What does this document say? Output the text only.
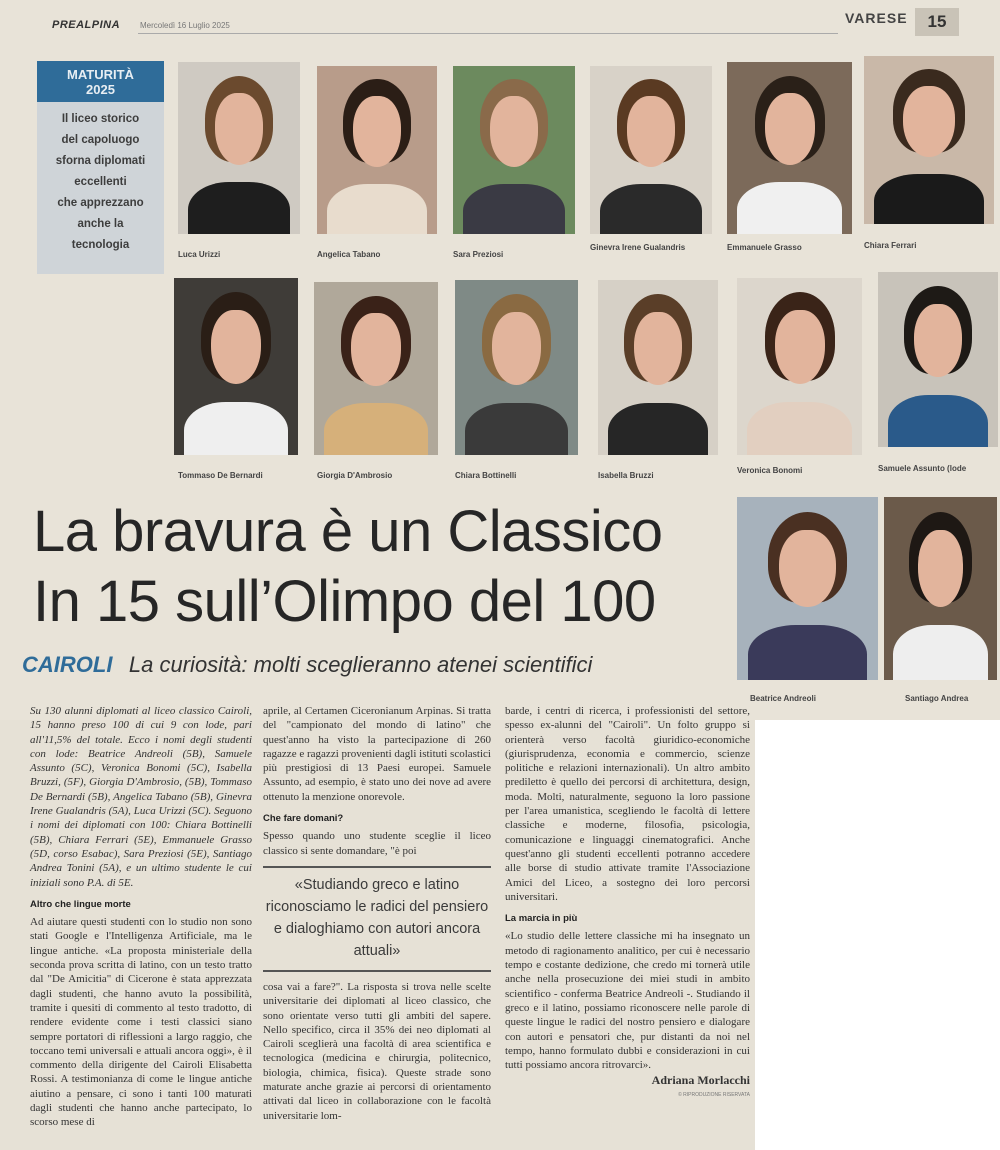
PREALPINA Mercoledì 16 Luglio 2025	VARESE	15
MATURITÀ
2025
Il liceo storico
del capoluogo
sforna diplomati
eccellenti
che apprezzano
anche la
tecnologia
Luca Urizzi	Angelica Tabano	Sara Preziosi
Ginevra Irene Gualandris	Emmanuele Grasso	Chiara Ferrari
Tommaso De Bernardi	Giorgia D'Ambrosio	Chiara Bottinelli	Isabella Bruzzi
Veronica Bonomi	Samuele Assunto (lode
Beatrice Andreoli	Santiago Andrea
La bravura è un Classico
In 15 sull’Olimpo del 100
CAIROLI La curiosità: molti sceglieranno atenei scientifici

Su 130 alunni diplomati al liceo classico Cairoli, 15 hanno preso 100 di cui 9 con lode, pari all'11,5% del totale. Ecco i nomi degli studenti con lode: Beatrice Andreoli (5B), Samuele Assunto (5C), Veronica Bonomi (5C), Isabella Bruzzi, (5F), Giorgia D'Ambrosio, (5B), Tommaso De Bernardi (5B), Angelica Tabano (5B), Ginevra Irene Gualandris (5A), Luca Urizzi (5C). Seguono i nomi dei diplomati con 100: Chiara Bottinelli (5B), Chiara Ferrari (5E), Emmanuele Grasso (5D, corso Esabac), Sara Preziosi (5E), Santiago Andrea Tonini (5A), e un ultimo studente le cui iniziali sono P.A. di 5E.

Altro che lingue morte

Ad aiutare questi studenti con lo studio non sono stati Google e l'Intelligenza Artificiale, ma le lingue antiche. «La proposta ministeriale della seconda prova scritta di latino, con un testo tratto dal "De Amicitia" di Cicerone è stata apprezzata dagli studenti, che hanno avuto la possibilità, tramite i quesiti di commento al testo tradotto, di rendere evidente come i testi classici siano sempre portatori di riflessioni a largo raggio, che toccano temi universali e attuali ancora oggi», è il commento della dirigente del Cairoli Elisabetta Rossi. A testimonianza di come le lingue antiche aiutino a pensare, ci sono i tanti 100 maturati dagli studenti che hanno anche partecipato, lo scorso mese di

aprile, al Certamen Ciceronianum Arpinas. Si tratta del "campionato del mondo di latino" che quest'anno ha visto la partecipazione di 260 ragazze e ragazzi provenienti dagli istituti scolastici più prestigiosi di 13 Paesi europei. Samuele Assunto, ad esempio, è stato uno dei nove ad avere ottenuto la menzione onorevole.

Che fare domani?

Spesso quando uno studente sceglie il liceo classico si sente domandare, "è poi

«Studiando greco e latino riconosciamo le radici del pensiero e dialoghiamo con autori ancora attuali»

cosa vai a fare?". La risposta si trova nelle scelte universitarie dei diplomati al liceo classico, che sono orientate verso tutti gli ambiti del sapere. Nello specifico, circa il 35% dei neo diplomati al Cairoli sceglierà una facoltà di area scientifica e tecnologica (medicina e chirurgia, politecnico, biologia, chimica, fisica). Queste strade sono maturate anche grazie ai percorsi di orientamento attivati dal liceo in collaborazione con le facoltà universitarie lom-

barde, i centri di ricerca, i professionisti del settore, spesso ex-alunni del "Cairoli". Un folto gruppo si orienterà verso facoltà giuridico-economiche (giurisprudenza, economia e commercio, scienze politiche e relazioni internazionali). Un altro ambito prediletto è quello dei percorsi di architettura, design, moda. Molti, naturalmente, seguono la loro passione per l'area umanistica, scegliendo le facoltà di lettere classiche e moderne, filosofia, psicologia, comunicazione e linguaggi cinematografici. Anche quest'anno gli studenti eccellenti potranno accedere alle borse di studio attivate tramite l'Associazione Amici del Liceo, a sostegno dei loro percorsi universitari.

La marcia in più

«Lo studio delle lettere classiche mi ha insegnato un metodo di ragionamento analitico, per cui è necessario tempo e costante dedizione, che credo mi tornerà utile anche nella prosecuzione dei miei studi in ambito scientifico - conferma Beatrice Andreoli -. Studiando il greco e il latino, possiamo riconoscere nelle parole di queste lingue le radici del nostro pensiero e dialogare con autori e pensatori che, pur distanti da noi nel tempo, hanno formulato dubbi e considerazioni in cui tutti possiamo ancora ritrovarci».

Adriana Morlacchi
© RIPRODUZIONE RISERVATA
